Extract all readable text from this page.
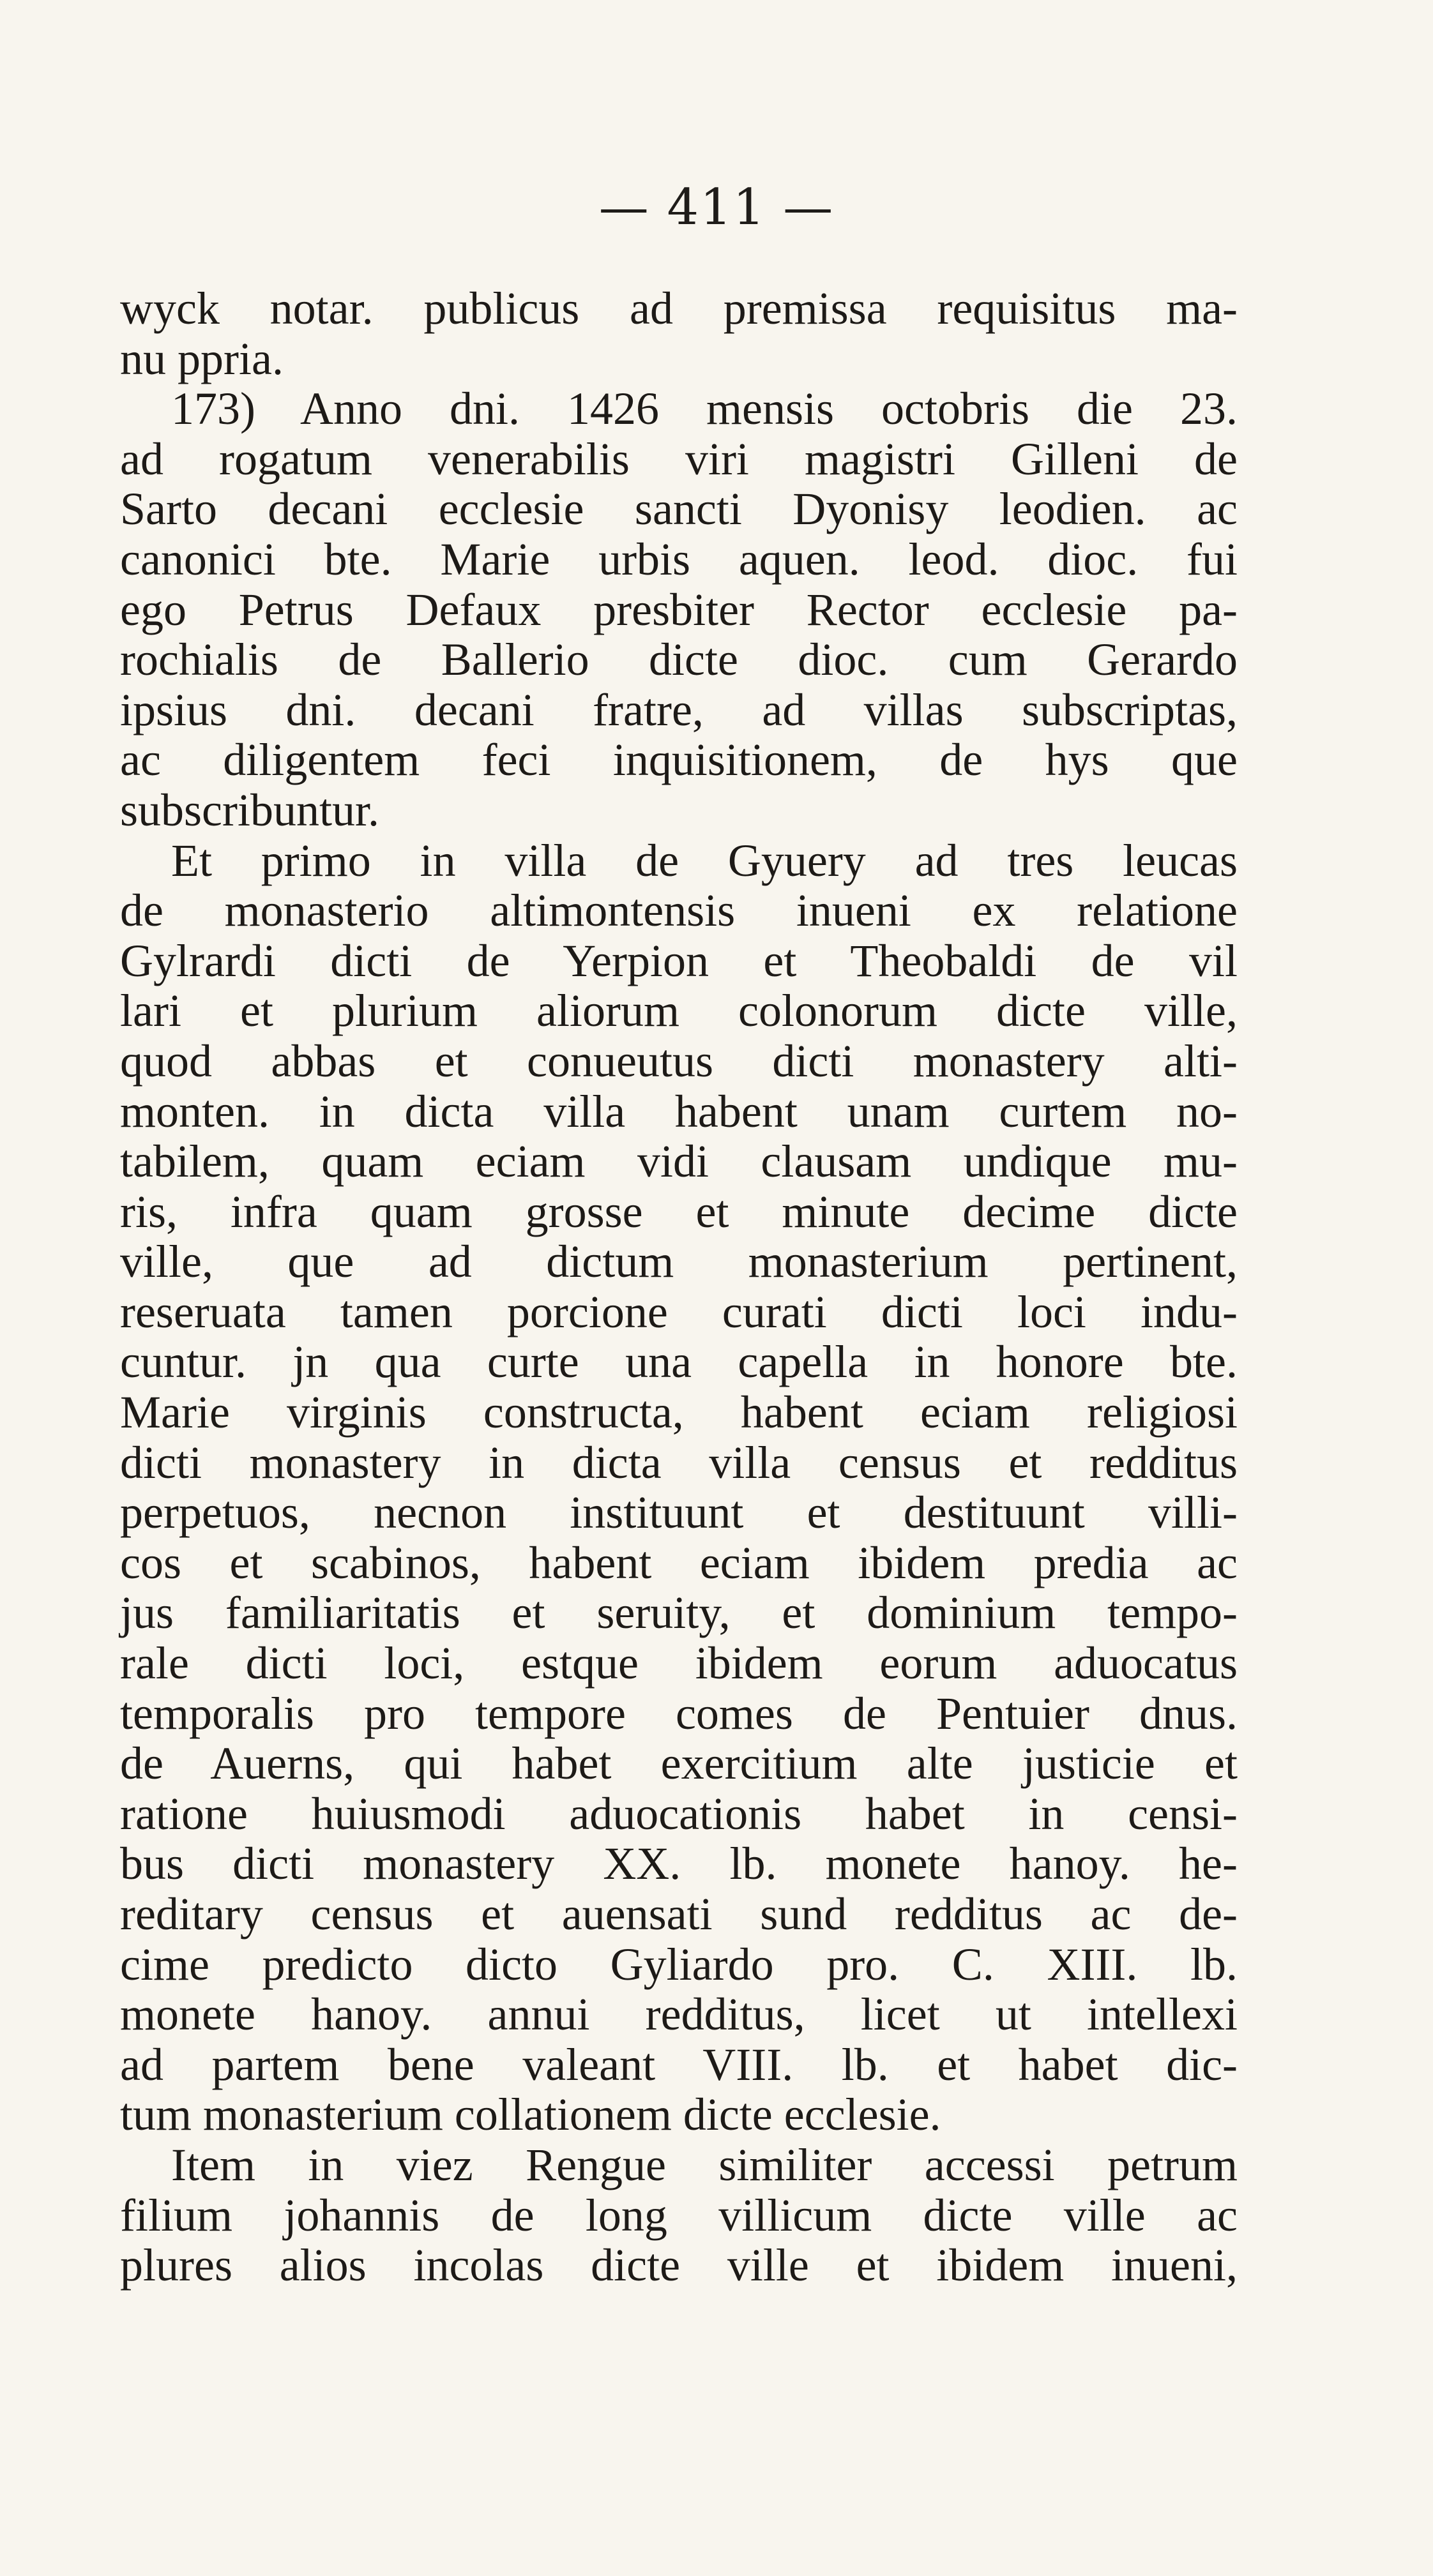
— 411 —
wyck notar. publicus ad premissa requisitus ma-
nu ppria.
173) Anno dni. 1426 mensis octobris die 23.
ad rogatum venerabilis viri magistri Gilleni de
Sarto decani ecclesie sancti Dyonisy leodien. ac
canonici bte. Marie urbis aquen. leod. dioc. fui
ego Petrus Defaux presbiter Rector ecclesie pa-
rochialis de Ballerio dicte dioc. cum Gerardo
ipsius dni. decani fratre, ad villas subscriptas,
ac diligentem feci inquisitionem, de hys que
subscribuntur.
Et primo in villa de Gyuery ad tres leucas
de monasterio altimontensis inueni ex relatione
Gylrardi dicti de Yerpion et Theobaldi de vil
lari et plurium aliorum colonorum dicte ville,
quod abbas et conueutus dicti monastery alti-
monten. in dicta villa habent unam curtem no-
tabilem, quam eciam vidi clausam undique mu-
ris, infra quam grosse et minute decime dicte
ville, que ad dictum monasterium pertinent,
reseruata tamen porcione curati dicti loci indu-
cuntur. jn qua curte una capella in honore bte.
Marie virginis constructa, habent eciam religiosi
dicti monastery in dicta villa census et redditus
perpetuos, necnon instituunt et destituunt villi-
cos et scabinos, habent eciam ibidem predia ac
jus familiaritatis et seruity, et dominium tempo-
rale dicti loci, estque ibidem eorum aduocatus
temporalis pro tempore comes de Pentuier dnus.
de Auerns, qui habet exercitium alte justicie et
ratione huiusmodi aduocationis habet in censi-
bus dicti monastery XX. lb. monete hanoy. he-
reditary census et auensati sund redditus ac de-
cime predicto dicto Gyliardo pro. C. XIII. lb.
monete hanoy. annui redditus, licet ut intellexi
ad partem bene valeant VIII. lb. et habet dic-
tum monasterium collationem dicte ecclesie.
Item in viez Rengue similiter accessi petrum
filium johannis de long villicum dicte ville ac
plures alios incolas dicte ville et ibidem inueni,
